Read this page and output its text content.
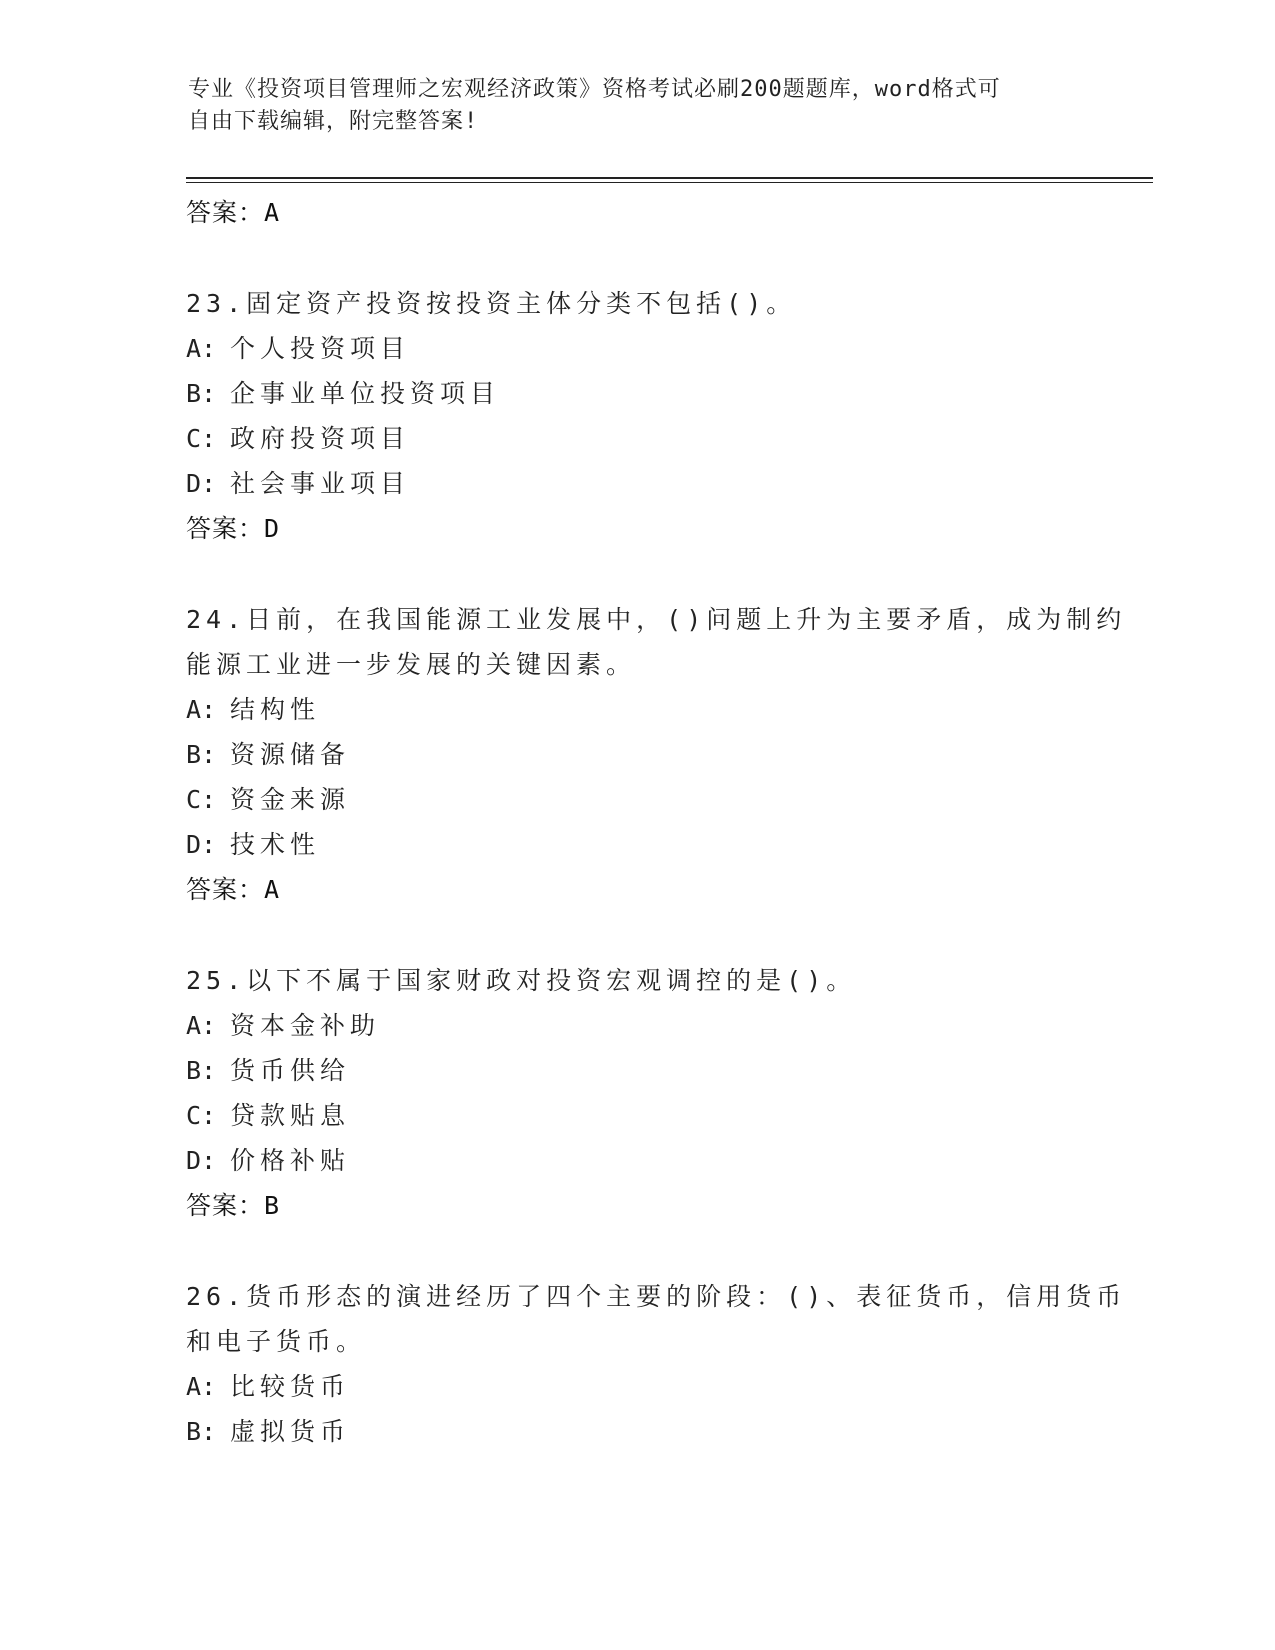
专业《投资项目管理师之宏观经济政策》资格考试必刷200题题库，word格式可
自由下载编辑，附完整答案!
答案：A
23.固定资产投资按投资主体分类不包括()。
A: 个人投资项目
B: 企事业单位投资项目
C: 政府投资项目
D: 社会事业项目
答案：D
24.日前，在我国能源工业发展中，()问题上升为主要矛盾，成为制约
能源工业进一步发展的关键因素。
A: 结构性
B: 资源储备
C: 资金来源
D: 技术性
答案：A
25.以下不属于国家财政对投资宏观调控的是()。
A: 资本金补助
B: 货币供给
C: 贷款贴息
D: 价格补贴
答案：B
26.货币形态的演进经历了四个主要的阶段：()、表征货币，信用货币
和电子货币。
A: 比较货币
B: 虚拟货币
